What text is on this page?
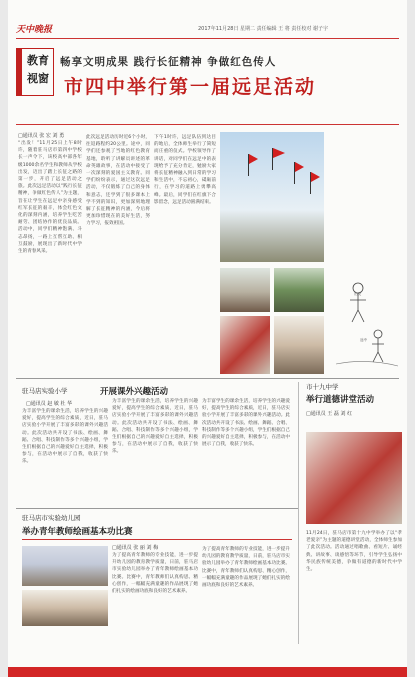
天中晚报	2017年11月28日 星期二 责任编辑 王 将 责任校对 谢子宇
教育
视窗
畅享文明成果 践行长征精神 争做红色传人
市四中举行第一届远足活动
□通讯员 张 宏 刘 勇
“出发！”11月25日上午8时许，随着驻马店市第四中学校长一声令下，该校高中部各年级1000余名学生和教师从学校出发，迈出了踏上长征之路的第一步，开启了远足活动之旅。此次远足活动以“践行长征精神，争做红色传人”为主题，旨在让学生在远足中亲身感受红军长征的艰辛，体会红色文化的深刻内涵，培养学生吃苦耐劳、团结协作的优良品质。活动中，同学们精神饱满、斗志昂扬，一路上互帮互助、相互鼓励，展现出了新时代中学生的青春风采。
此次远足活动历时近6个小时，往返路程约20公里。途中，同学们还参观了当地的红色教育基地，聆听了讲解员讲述的革命英雄故事，在活动中接受了一次深刻的爱国主义教育。同学们纷纷表示，通过这次远足活动，不仅锻炼了自己的身体和意志，还学到了很多课本上学不到的知识，更加深刻地理解了长征精神的内涵，今后将更加珍惜现在的美好生活，努力学习，报效祖国。
下午1时许，远足队伍到达目的地后，全体师生举行了简短而庄重的仪式。学校领导作了讲话，对同学们在远足中的表现给予了充分肯定，勉励大家将长征精神融入到日常的学习和生活中，不忘初心，砥砺前行，在学习的道路上勇攀高峰。最后，同学们在红旗下合影留念，远足活动圆满结束。
出发
途中
驻马店实验小学	开展课外兴趣活动
□通讯员 赵 敏 杜 华
为丰富学生的课余生活，培养学生的兴趣爱好，提高学生的综合素质，近日，驻马店实验小学开展了丰富多彩的课外兴趣活动。此次活动共开设了书法、绘画、舞蹈、合唱、科技制作等多个兴趣小组，学生们根据自己的兴趣爱好自主选择，积极参与，在活动中展示了自我，收获了快乐。
为丰富学生的课余生活，培养学生的兴趣爱好，提高学生的综合素质，近日，驻马店实验小学开展了丰富多彩的课外兴趣活动。此次活动共开设了书法、绘画、舞蹈、合唱、科技制作等多个兴趣小组，学生们根据自己的兴趣爱好自主选择，积极参与，在活动中展示了自我，收获了快乐。
为丰富学生的课余生活，培养学生的兴趣爱好，提高学生的综合素质，近日，驻马店实验小学开展了丰富多彩的课外兴趣活动。此次活动共开设了书法、绘画、舞蹈、合唱、科技制作等多个兴趣小组，学生们根据自己的兴趣爱好自主选择，积极参与，在活动中展示了自我，收获了快乐。
驻马店市实验幼儿园
举办青年教师绘画基本功比赛
□通讯员 张 丽 刘 梅
为了提高青年教师的专业技能，进一步提升幼儿园的教育教学质量，日前，驻马店市实验幼儿园举办了青年教师绘画基本功比赛。比赛中，青年教师们认真构思、精心创作，一幅幅充满童趣的作品展现了她们扎实的绘画功底和良好的艺术素养。
为了提高青年教师的专业技能，进一步提升幼儿园的教育教学质量，日前，驻马店市实验幼儿园举办了青年教师绘画基本功比赛。比赛中，青年教师们认真构思、精心创作，一幅幅充满童趣的作品展现了她们扎实的绘画功底和良好的艺术素养。
市十九中学
举行道德讲堂活动
□通讯员 王 磊 刘 红
11月24日，驻马店市第十九中学举办了以“孝老爱亲”为主题的道德讲堂活动，全体师生参加了此次活动。活动通过唱歌曲、看短片、诵经典、讲故事、谈感悟等环节，引导学生弘扬中华民族传统美德，争做有道德的新时代中学生。
